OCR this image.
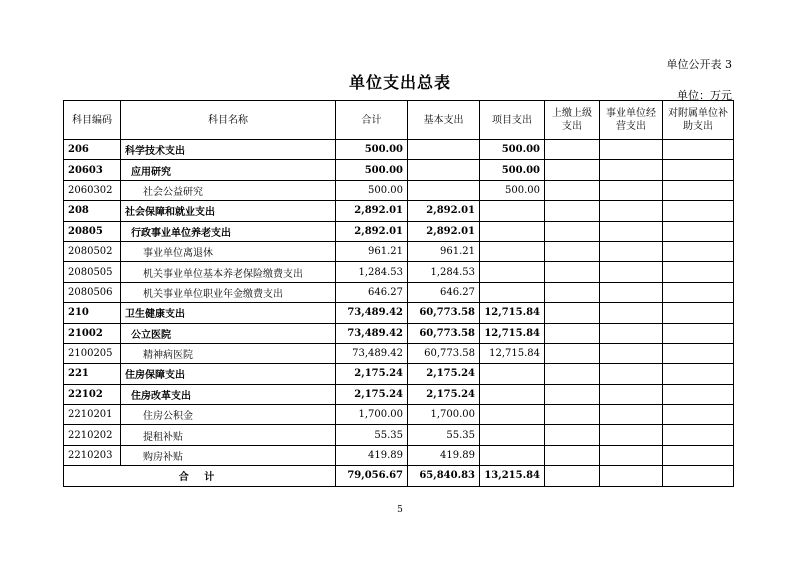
单位公开表 3
单位支出总表
单位：万元
科目编码	科目名称	合计	基本支出	项目支出	上缴上级支出	事业单位经营支出	对附属单位补助支出
206	科学技术支出	500.00		500.00			
20603	应用研究	500.00		500.00			
2060302	社会公益研究	500.00		500.00			
208	社会保障和就业支出	2,892.01	2,892.01				
20805	行政事业单位养老支出	2,892.01	2,892.01				
2080502	事业单位离退休	961.21	961.21				
2080505	机关事业单位基本养老保险缴费支出	1,284.53	1,284.53				
2080506	机关事业单位职业年金缴费支出	646.27	646.27				
210	卫生健康支出	73,489.42	60,773.58	12,715.84			
21002	公立医院	73,489.42	60,773.58	12,715.84			
2100205	精神病医院	73,489.42	60,773.58	12,715.84			
221	住房保障支出	2,175.24	2,175.24				
22102	住房改革支出	2,175.24	2,175.24				
2210201	住房公积金	1,700.00	1,700.00				
2210202	提租补贴	55.35	55.35				
2210203	购房补贴	419.89	419.89				
合 计		79,056.67	65,840.83	13,215.84			
5
